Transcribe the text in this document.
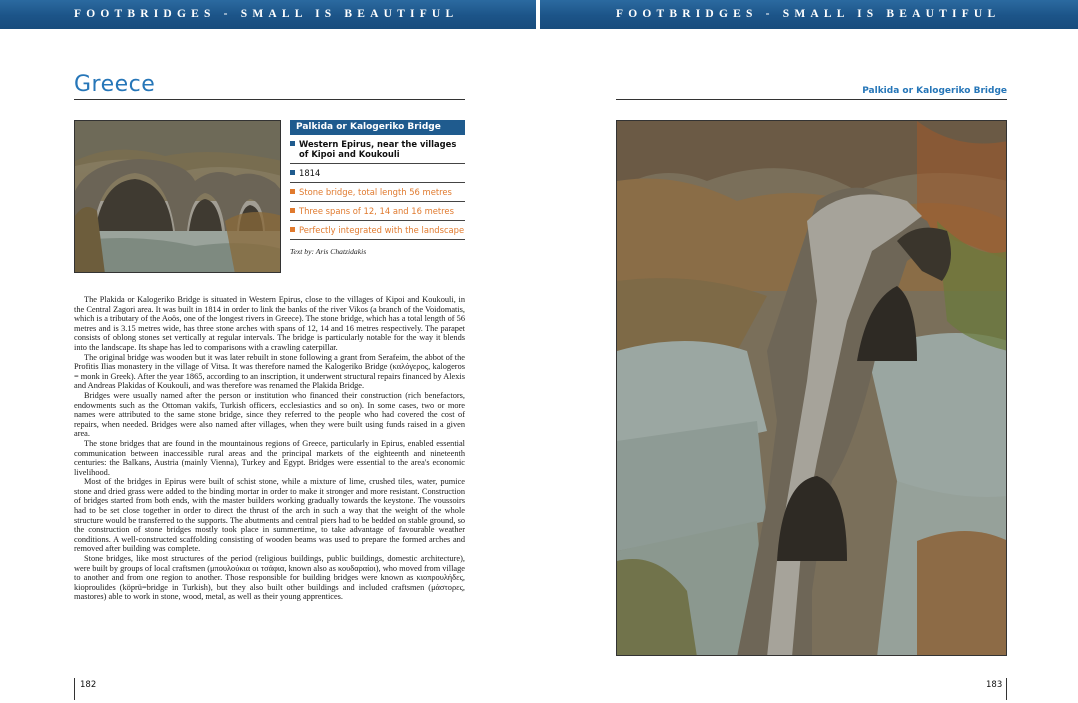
FOOTBRIDGES - SMALL IS BEAUTIFUL	FOOTBRIDGES - SMALL IS BEAUTIFUL
Greece
Palkida or Kalogeriko Bridge
Western Epirus, near the villages of Kipoi and Koukouli
1814
Stone bridge, total length 56 metres
Three spans of 12, 14 and 16 metres
Perfectly integrated with the landscape
Text by: Aris Chatzidakis

The Plakida or Kalogeriko Bridge is situated in Western Epirus, close to the villages of Kipoi and Koukouli, in the Central Zagori area. It was built in 1814 in order to link the banks of the river Vikos (a branch of the Voidomatis, which is a tributary of the Aoös, one of the longest rivers in Greece). The stone bridge, which has a total length of 56 metres and is 3.15 metres wide, has three stone arches with spans of 12, 14 and 16 metres respectively. The parapet consists of oblong stones set vertically at regular intervals. The bridge is particularly notable for the way it blends into the landscape. Its shape has led to comparisons with a crawling caterpillar.

The original bridge was wooden but it was later rebuilt in stone following a grant from Serafeim, the abbot of the Profitis Ilias monastery in the village of Vitsa. It was therefore named the Kalogeriko Bridge (καλόγερος, kalogeros = monk in Greek). After the year 1865, according to an inscription, it underwent structural repairs financed by Alexis and Andreas Plakidas of Koukouli, and was therefore was renamed the Plakida Bridge.

Bridges were usually named after the person or institution who financed their construction (rich benefactors, endowments such as the Ottoman vakifs, Turkish officers, ecclesiastics and so on). In some cases, two or more names were attributed to the same stone bridge, since they referred to the people who had covered the cost of repairs, when needed. Bridges were also named after villages, when they were built using funds raised in a given area.

The stone bridges that are found in the mountainous regions of Greece, particularly in Epirus, enabled essential communication between inaccessible rural areas and the principal markets of the eighteenth and nineteenth centuries: the Balkans, Austria (mainly Vienna), Turkey and Egypt. Bridges were essential to the area's economic livelihood.

Most of the bridges in Epirus were built of schist stone, while a mixture of lime, crushed tiles, water, pumice stone and dried grass were added to the binding mortar in order to make it stronger and more resistant. Construction of bridges started from both ends, with the master builders working gradually towards the keystone. The voussoirs had to be set close together in order to direct the thrust of the arch in such a way that the weight of the whole structure would be transferred to the supports. The abutments and central piers had to be bedded on stable ground, so the construction of stone bridges mostly took place in summertime, to take advantage of favourable weather conditions. A well-constructed scaffolding consisting of wooden beams was used to prepare the formed arches and removed after building was complete.

Stone bridges, like most structures of the period (religious buildings, public buildings, domestic architecture), were built by groups of local craftsmen (μπουλούκια οι τσάφια, known also as κουδαραίοι), who moved from village to another and from one region to another. Those responsible for building bridges were known as κιοπρουλήδες, kioproulides (köprü=bridge in Turkish), but they also built other buildings and included craftsmen (μάστορες, mastores) able to work in stone, wood, metal, as well as their young apprentices.

182
Palkida or Kalogeriko Bridge
183
